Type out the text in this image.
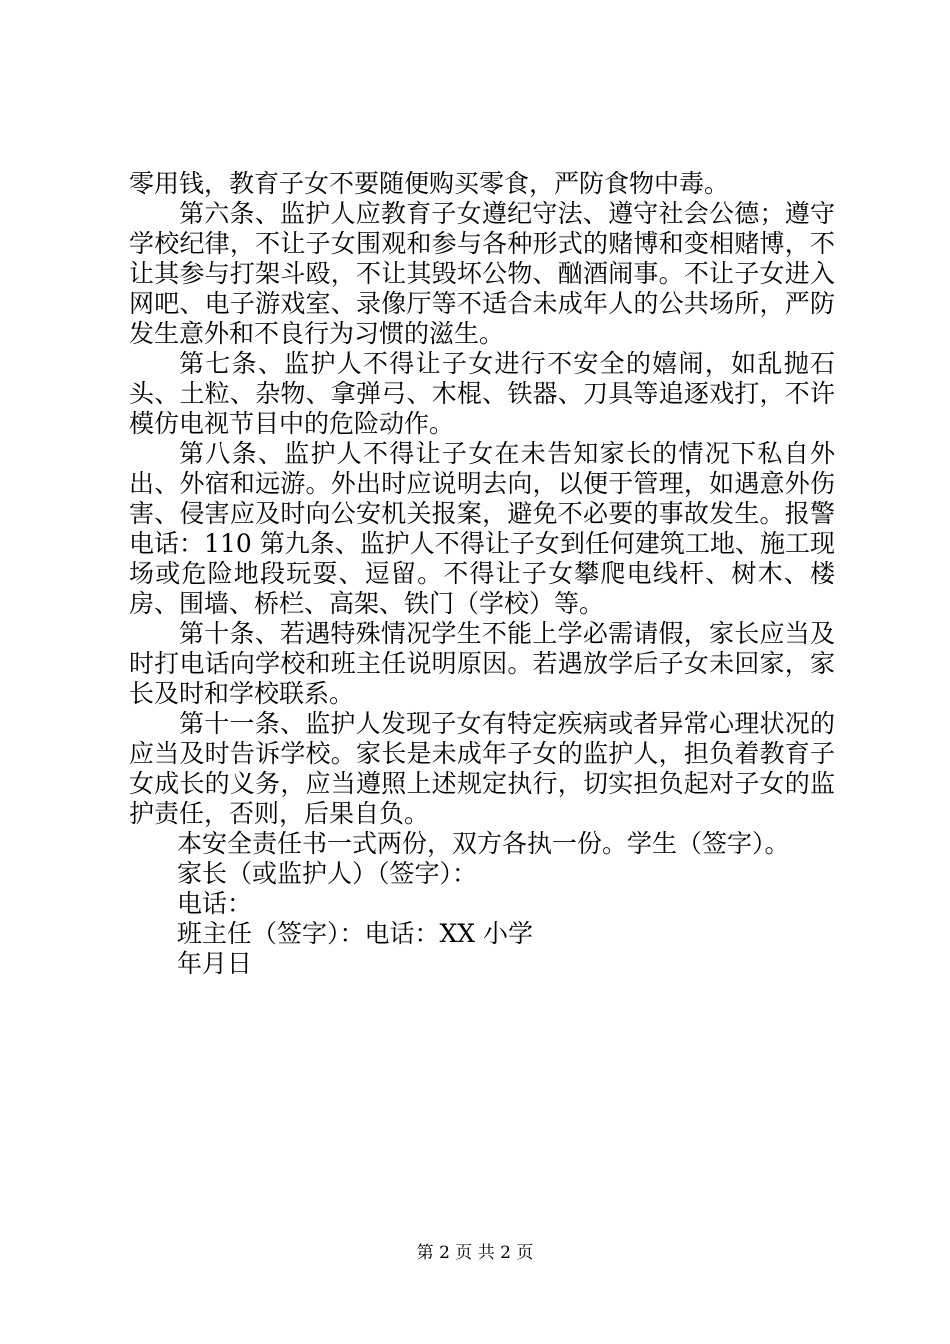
零用钱，教育子女不要随便购买零食，严防食物中毒。

第六条、监护人应教育子女遵纪守法、遵守社会公德；遵守学校纪律，不让子女围观和参与各种形式的赌博和变相赌博，不让其参与打架斗殴，不让其毁坏公物、酗酒闹事。不让子女进入网吧、电子游戏室、录像厅等不适合未成年人的公共场所，严防发生意外和不良行为习惯的滋生。

第七条、监护人不得让子女进行不安全的嬉闹，如乱抛石头、土粒、杂物、拿弹弓、木棍、铁器、刀具等追逐戏打，不许模仿电视节目中的危险动作。

第八条、监护人不得让子女在未告知家长的情况下私自外出、外宿和远游。外出时应说明去向，以便于管理，如遇意外伤害、侵害应及时向公安机关报案，避免不必要的事故发生。报警电话：110 第九条、监护人不得让子女到任何建筑工地、施工现场或危险地段玩耍、逗留。不得让子女攀爬电线杆、树木、楼房、围墙、桥栏、高架、铁门（学校）等。

第十条、若遇特殊情况学生不能上学必需请假，家长应当及时打电话向学校和班主任说明原因。若遇放学后子女未回家，家长及时和学校联系。

第十一条、监护人发现子女有特定疾病或者异常心理状况的应当及时告诉学校。家长是未成年子女的监护人，担负着教育子女成长的义务，应当遵照上述规定执行，切实担负起对子女的监护责任，否则，后果自负。

本安全责任书一式两份，双方各执一份。学生（签字）。

家长（或监护人）（签字）：

电话：

班主任（签字）：电话：XX 小学

年月日

第 2 页 共 2 页
